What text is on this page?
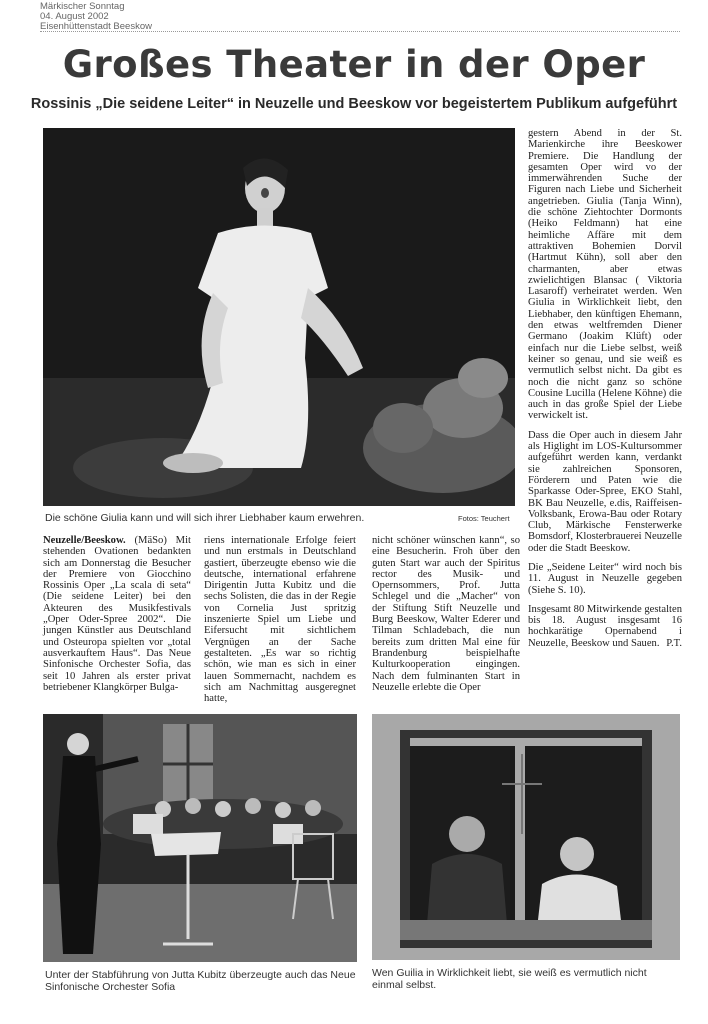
Märkischer Sonntag
04. August 2002
Eisenhüttenstadt Beeskow
Großes Theater in der Oper
Rossinis „Die seidene Leiter“ in Neuzelle und Beeskow vor begeistertem Publikum aufgeführt
Die schöne Giulia kann und will sich ihrer Liebhaber kaum erwehren.	Fotos: Teuchert

gestern Abend in der St. Marienkirche ihre Beeskower Premiere. Die Handlung der gesamten Oper wird vo der immerwährenden Suche der Figuren nach Liebe und Sicherheit angetrieben. Giulia (Tanja Winn), die schöne Ziehtochter Dormonts (Heiko Feldmann) hat eine heimliche Affäre mit dem attraktiven Bohemien Dorvil (Hartmut Kühn), soll aber den charmanten, aber etwas zwielichtigen Blansac ( Viktoria Lasaroff) verheiratet werden. Wen Giulia in Wirklichkeit liebt, den Liebhaber, den künftigen Ehemann, den etwas weltfremden Diener Germano (Joakim Klüft) oder einfach nur die Liebe selbst, weiß keiner so genau, und sie weiß es vermutlich selbst nicht. Da gibt es noch die nicht ganz so schöne Cousine Lucilla (Helene Köhne) die auch in das große Spiel der Liebe verwickelt ist.

Dass die Oper auch in diesem Jahr als Higlight im LOS-Kultursommer aufgeführt werden kann, verdankt sie zahlreichen Sponsoren, Förderern und Paten wie die Sparkasse Oder-Spree, EKO Stahl, BK Bau Neuzelle, e.dis, Raiffeisen-Volksbank, Erowa-Bau oder Rotary Club, Märkische Fensterwerke Bomsdorf, Klosterbrauerei Neuzelle oder die Stadt Beeskow.

Die „Seidene Leiter“ wird noch bis 11. August in Neuzelle gegeben (Siehe S. 10).

Insgesamt 80 Mitwirkende gestalten bis 18. August insgesamt 16 hochkarätige Opernabend i Neuzelle, Beeskow und Sauen. P.T.

Neuzelle/Beeskow. (MäSo) Mit stehenden Ovationen bedankten sich am Donnerstag die Besucher der Premiere von Giocchino Rossinis Oper „La scala di seta“ (Die seidene Leiter) bei den Akteuren des Musikfestivals „Oper Oder-Spree 2002“. Die jungen Künstler aus Deutschland und Osteuropa spielten vor „total ausverkauftem Haus“. Das Neue Sinfonische Orchester Sofia, das seit 10 Jahren als erster privat betriebener Klangkörper Bulga-

riens internationale Erfolge feiert und nun erstmals in Deutschland gastiert, überzeugte ebenso wie die deutsche, international erfahrene Dirigentin Jutta Kubitz und die sechs Solisten, die das in der Regie von Cornelia Just spritzig inszenierte Spiel um Liebe und Eifersucht mit sichtlichem Vergnügen an der Sache gestalteten. „Es war so richtig schön, wie man es sich in einer lauen Sommernacht, nachdem es sich am Nachmittag ausgeregnet hatte,

nicht schöner wünschen kann“, so eine Besucherin. Froh über den guten Start war auch der Spiritus rector des Musik- und Opernsommers, Prof. Jutta Schlegel und die „Macher“ von der Stiftung Stift Neuzelle und Burg Beeskow, Walter Ederer und Tilman Schladebach, die nun bereits zum dritten Mal eine für Brandenburg beispielhafte Kulturkooperation eingingen. Nach dem fulminanten Start in Neuzelle erlebte die Oper

Unter der Stabführung von Jutta Kubitz überzeugte auch das Neue Sinfonische Orchester Sofia
Wen Guilia in Wirklichkeit liebt, sie weiß es vermutlich nicht einmal selbst.
